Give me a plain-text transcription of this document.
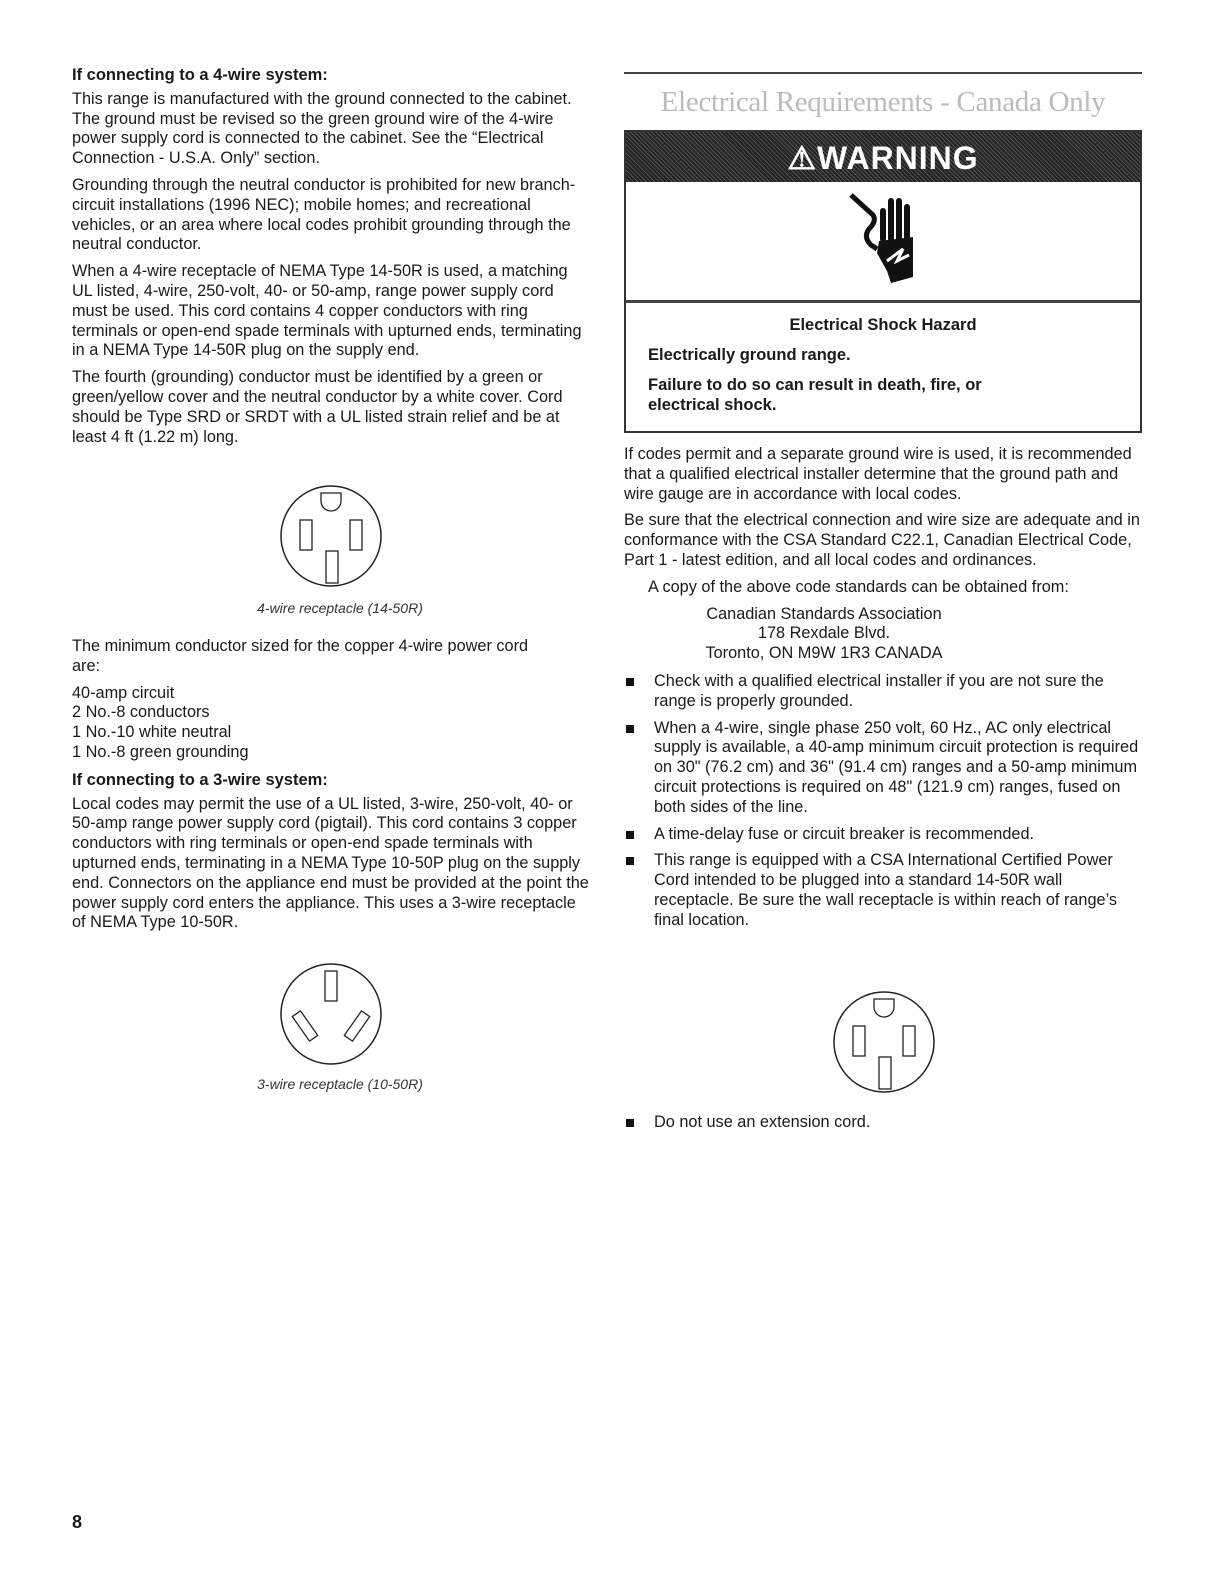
If connecting to a 4-wire system:

This range is manufactured with the ground connected to the cabinet. The ground must be revised so the green ground wire of the 4-wire power supply cord is connected to the cabinet. See the “Electrical Connection - U.S.A. Only” section.

Grounding through the neutral conductor is prohibited for new branch-circuit installations (1996 NEC); mobile homes; and recreational vehicles, or an area where local codes prohibit grounding through the neutral conductor.

When a 4-wire receptacle of NEMA Type 14-50R is used, a matching UL listed, 4-wire, 250-volt, 40- or 50-amp, range power supply cord must be used. This cord contains 4 copper conductors with ring terminals or open-end spade terminals with upturned ends, terminating in a NEMA Type 14-50R plug on the supply end.

The fourth (grounding) conductor must be identified by a green or green/yellow cover and the neutral conductor by a white cover. Cord should be Type SRD or SRDT with a UL listed strain relief and be at least 4 ft (1.22 m) long.

4-wire receptacle (14-50R)

The minimum conductor sized for the copper 4-wire power cord are:

40-amp circuit
2 No.-8 conductors
1 No.-10 white neutral
1 No.-8 green grounding
If connecting to a 3-wire system:

Local codes may permit the use of a UL listed, 3-wire, 250-volt, 40- or 50-amp range power supply cord (pigtail). This cord contains 3 copper conductors with ring terminals or open-end spade terminals with upturned ends, terminating in a NEMA Type 10-50P plug on the supply end. Connectors on the appliance end must be provided at the point the power supply cord enters the appliance. This uses a 3-wire receptacle of NEMA Type 10-50R.

3-wire receptacle (10-50R)
Electrical Requirements - Canada Only
⚠WARNING
Electrical Shock Hazard

Electrically ground range.

Failure to do so can result in death, fire, or electrical shock.

If codes permit and a separate ground wire is used, it is recommended that a qualified electrical installer determine that the ground path and wire gauge are in accordance with local codes.

Be sure that the electrical connection and wire size are adequate and in conformance with the CSA Standard C22.1, Canadian Electrical Code, Part 1 - latest edition, and all local codes and ordinances.

A copy of the above code standards can be obtained from:

Canadian Standards Association
178 Rexdale Blvd.
Toronto, ON M9W 1R3 CANADA
Check with a qualified electrical installer if you are not sure the range is properly grounded.
When a 4-wire, single phase 250 volt, 60 Hz., AC only electrical supply is available, a 40-amp minimum circuit protection is required on 30" (76.2 cm) and 36" (91.4 cm) ranges and a 50-amp minimum circuit protections is required on 48" (121.9 cm) ranges, fused on both sides of the line.
A time-delay fuse or circuit breaker is recommended.
This range is equipped with a CSA International Certified Power Cord intended to be plugged into a standard 14-50R wall receptacle. Be sure the wall receptacle is within reach of range’s final location.
Do not use an extension cord.
8
